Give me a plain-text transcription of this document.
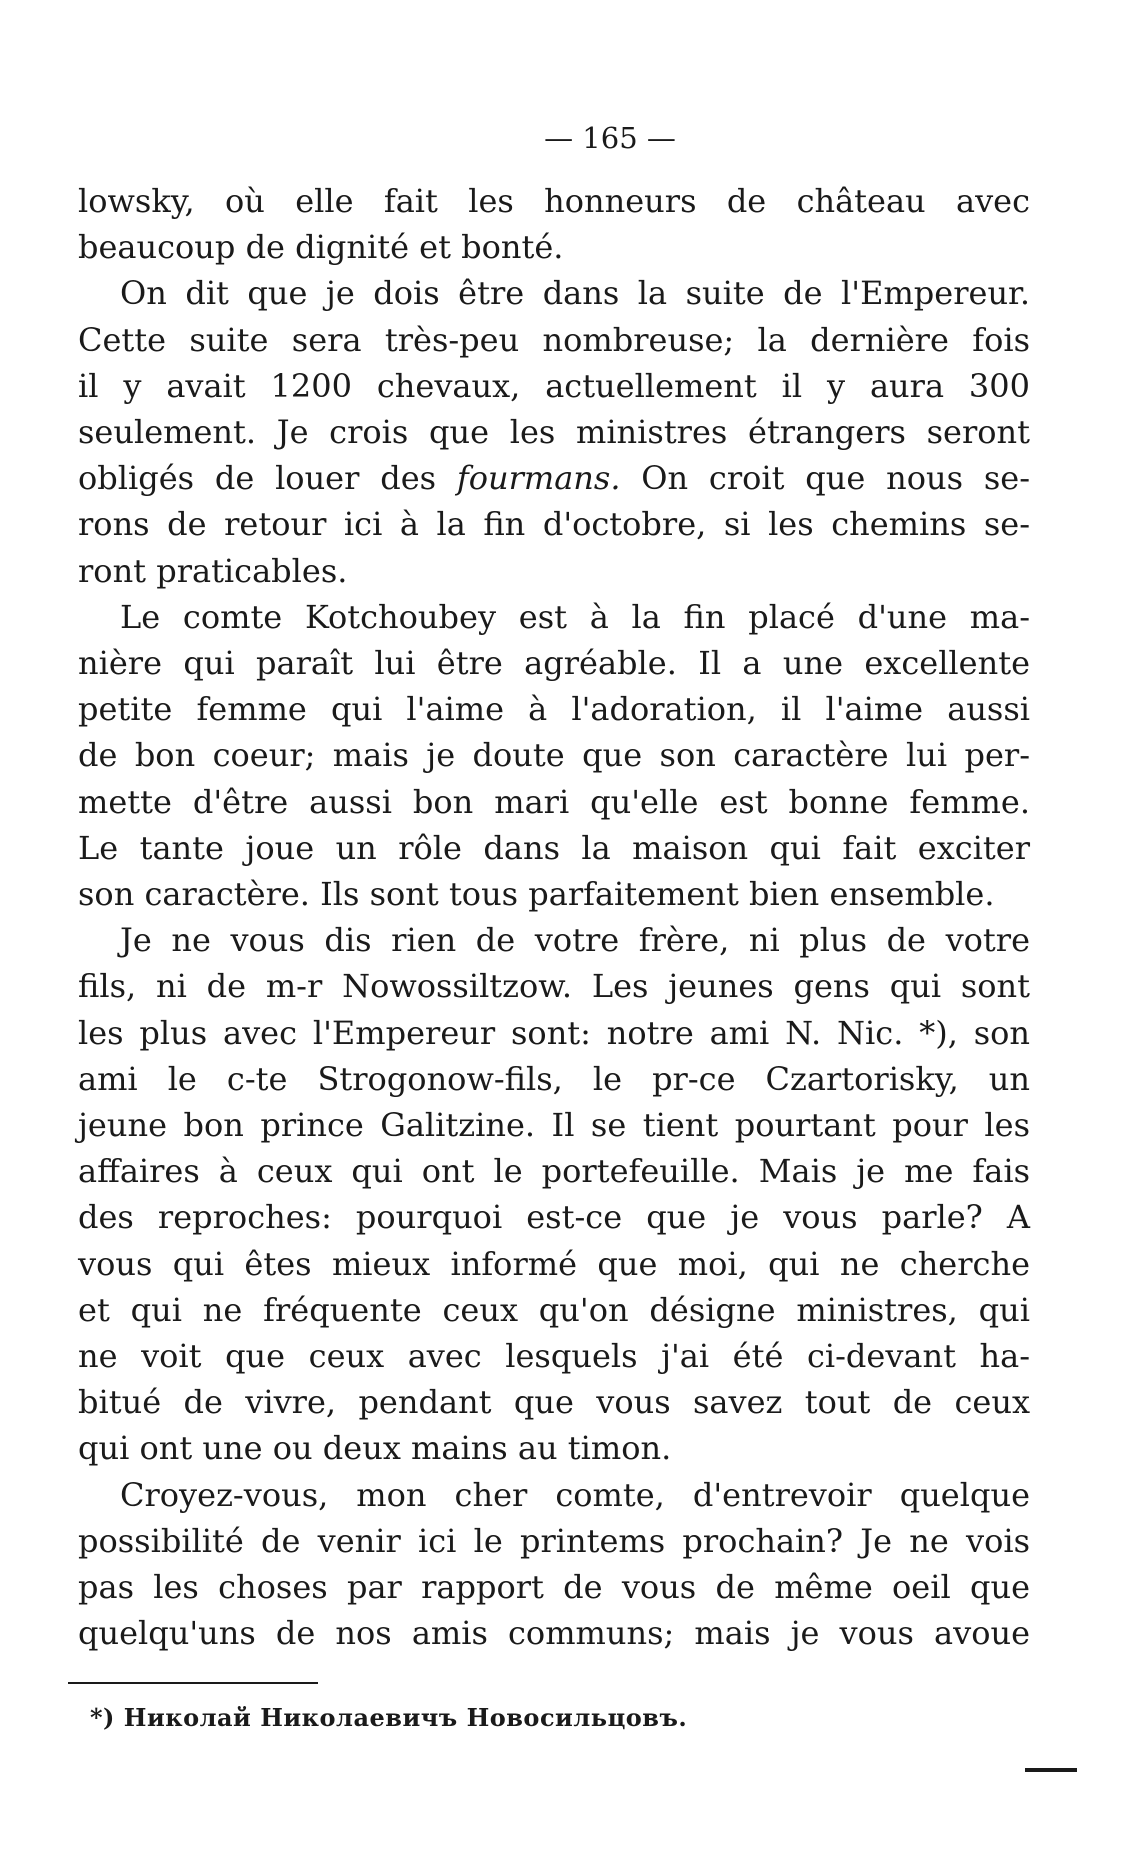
— 165 —

lowsky, où elle fait les honneurs de château avec
beaucoup de dignité et bonté.

On dit que je dois être dans la suite de l'Empereur.
Cette suite sera très-peu nombreuse; la dernière fois
il y avait 1200 chevaux, actuellement il y aura 300
seulement. Je crois que les ministres étrangers seront
obligés de louer des fourmans. On croit que nous se-
rons de retour ici à la fin d'octobre, si les chemins se-
ront praticables.

Le comte Kotchoubey est à la fin placé d'une ma-
nière qui paraît lui être agréable. Il a une excellente
petite femme qui l'aime à l'adoration, il l'aime aussi
de bon coeur; mais je doute que son caractère lui per-
mette d'être aussi bon mari qu'elle est bonne femme.
Le tante joue un rôle dans la maison qui fait exciter
son caractère. Ils sont tous parfaitement bien ensemble.

Je ne vous dis rien de votre frère, ni plus de votre
fils, ni de m-r Nowossiltzow. Les jeunes gens qui sont
les plus avec l'Empereur sont: notre ami N. Nic. *), son
ami le c-te Strogonow-fils, le pr-ce Czartorisky, un
jeune bon prince Galitzine. Il se tient pourtant pour les
affaires à ceux qui ont le portefeuille. Mais je me fais
des reproches: pourquoi est-ce que je vous parle? A
vous qui êtes mieux informé que moi, qui ne cherche
et qui ne fréquente ceux qu'on désigne ministres, qui
ne voit que ceux avec lesquels j'ai été ci-devant ha-
bitué de vivre, pendant que vous savez tout de ceux
qui ont une ou deux mains au timon.

Croyez-vous, mon cher comte, d'entrevoir quelque
possibilité de venir ici le printems prochain? Je ne vois
pas les choses par rapport de vous de même oeil que
quelqu'uns de nos amis communs; mais je vous avoue

*) Николай Николаевичъ Новосильцовъ.
